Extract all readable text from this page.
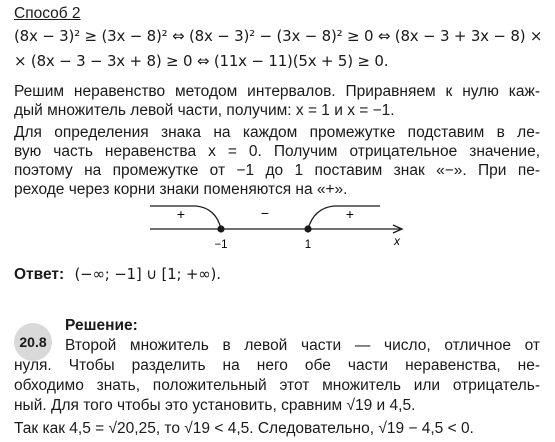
Способ 2
(8x − 3)² ≥ (3x − 8)² ⇔ (8x − 3)² − (3x − 8)² ≥ 0 ⇔ (8x − 3 + 3x − 8) ×
× (8x − 3 − 3x + 8) ≥ 0 ⇔ (11x − 11)(5x + 5) ≥ 0.
Решим неравенство методом интервалов. Приравняем к нулю каж-
дый множитель левой части, получим: x = 1 и x = −1.
Для определения знака на каждом промежутке подставим в ле-
вую часть неравенства x = 0. Получим отрицательное значение,
поэтому на промежутке от −1 до 1 поставим знак «−». При пе-
реходе через корни знаки поменяются на «+».
+	−	+
−1	1	x
Ответ: (−∞; −1] ∪ [1; +∞).
20.8
Решение:
Второй множитель в левой части — число, отличное от
нуля. Чтобы разделить на него обе части неравенства, не-
обходимо знать, положительный этот множитель или отрицатель-
ный. Для того чтобы это установить, сравним √19 и 4,5.
Так как 4,5 = √20,25, то √19 < 4,5. Следовательно, √19 − 4,5 < 0.
